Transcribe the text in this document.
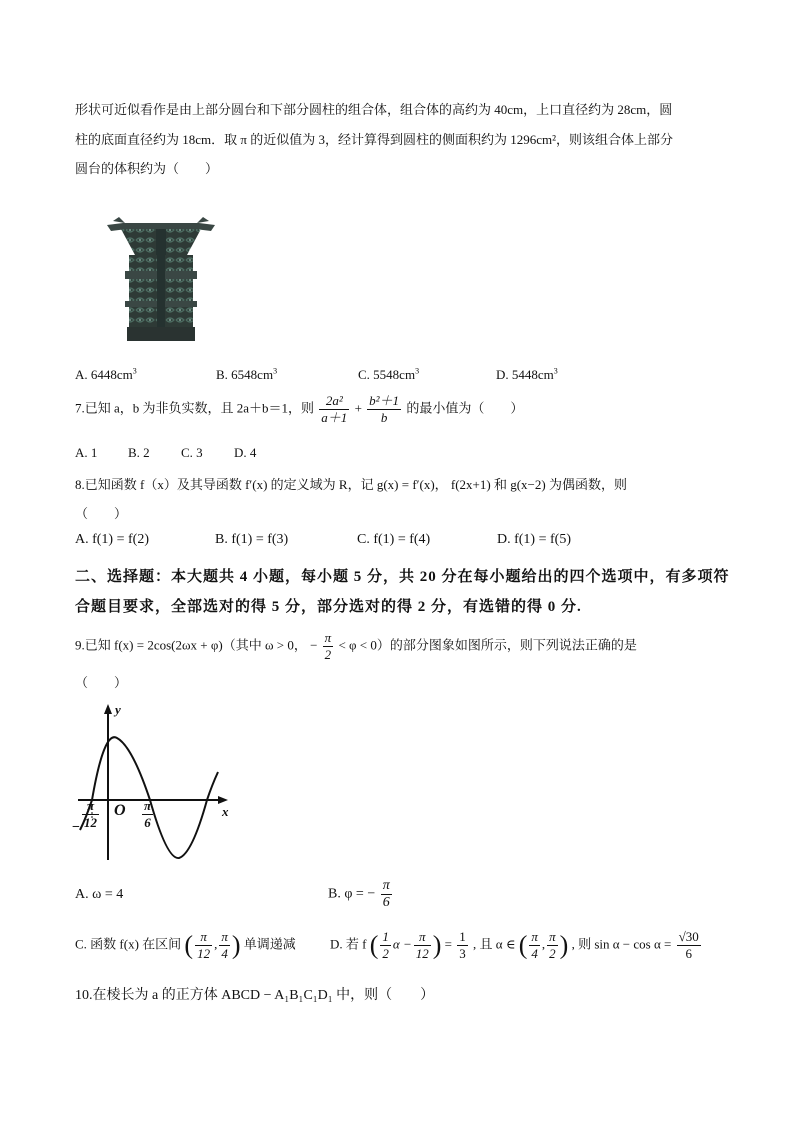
形状可近似看作是由上部分圆台和下部分圆柱的组合体，组合体的高约为 40cm，上口直径约为 28cm，圆
柱的底面直径约为 18cm．取 π 的近似值为 3，经计算得到圆柱的侧面积约为 1296cm²，则该组合体上部分
圆台的体积约为（　　）
A. $6448cm^3$	B. $6548cm^3$	C. $5548cm^3$	D. $5448cm^3$
7.已知 a，b 为非负实数，且 2a＋b＝1，则 $\frac{\text{2a²}}{a+1} + \frac{\text{b²＋1}}{b}$ 的最小值为（　　）
A. 1 B. 2 C. 3 D. 4
8.已知函数 f（x）及其导函数 f′(x) 的定义域为 R，记 g(x) = f′(x)， f(2x+1) 和 g(x−2) 为偶函数，则
（　　）
A. f(1) = f(2)	B. f(1) = f(3)	C. f(1) = f(4)	D. f(1) = f(5)
二、选择题：本大题共 4 小题，每小题 5 分，共 20 分在每小题给出的四个选项中，有多项符
合题目要求，全部选对的得 5 分，部分选对的得 2 分，有选错的得 0 分.
9.已知 f(x) = 2cos(2ωx + φ)（其中 ω > 0， − $\frac{\pi}{2} < \varphi < 0$）的部分图象如图所示，则下列说法正确的是
（　　）
y
x
O
− $\frac{\pi}{12}$	$\frac{\pi}{6}$
A. ω = 4	B. φ = − $\frac{\pi}{6}$
C. 函数 f(x) 在区间 ( $\frac{\pi}{12}$ , $\frac{\pi}{4}$ ) 单调递减	D. 若 f ( $\frac{1}{2}$ $\alpha - \frac{\pi}{12}$ ) = $\frac{1}{3}$ , 且 α ∈ ( $\frac{\pi}{4}$ , $\frac{\pi}{2}$ ) , 则 $\sin \alpha - \cos \alpha = \frac{√30}{6}$
10.在棱长为 a 的正方体 ABCD − A₁B₁C₁D₁ 中，则（　　）
